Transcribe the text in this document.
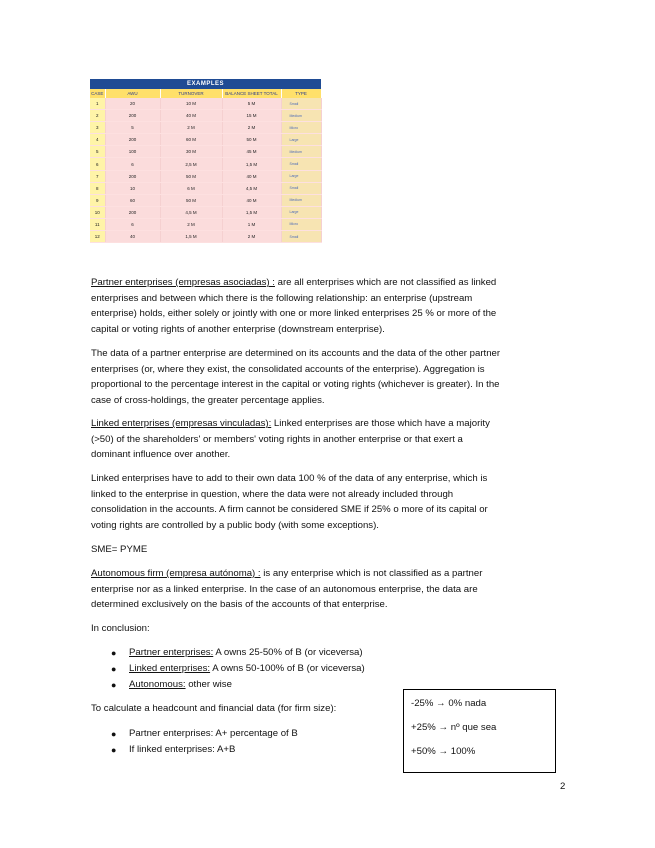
EXAMPLES				
CASE	AWU	TURNOVER	BALANCE SHEET TOTAL	TYPE
1	20	10 M	5 M	Small
2	200	40 M	15 M	Medium
3	5	2 M	2 M	Micro
4	200	60 M	50 M	Large
5	100	30 M	45 M	Medium
6	6	2,5 M	1,5 M	Small
7	200	50 M	40 M	Large
8	10	6 M	4,5 M	Small
9	60	50 M	40 M	Medium
10	200	4,5 M	1,5 M	Large
11	6	2 M	1 M	Micro
12	40	1,5 M	2 M	Small

Partner enterprises (empresas asociadas) : are all enterprises which are not classified as linked
enterprises and between which there is the following relationship: an enterprise (upstream
enterprise) holds, either solely or jointly with one or more linked enterprises 25 % or more of the
capital or voting rights of another enterprise (downstream enterprise).

The data of a partner enterprise are determined on its accounts and the data of the other partner
enterprises (or, where they exist, the consolidated accounts of the enterprise). Aggregation is
proportional to the percentage interest in the capital or voting rights (whichever is greater). In the
case of cross-holdings, the greater percentage applies.

Linked enterprises (empresas vinculadas): Linked enterprises are those which have a majority
(>50) of the shareholders' or members' voting rights in another enterprise or that exert a
dominant influence over another.

Linked enterprises have to add to their own data 100 % of the data of any enterprise, which is
linked to the enterprise in question, where the data were not already included through
consolidation in the accounts. A firm cannot be considered SME if 25% o more of its capital or
voting rights are controlled by a public body (with some exceptions).

SME= PYME

Autonomous firm (empresa autónoma) : is any enterprise which is not classified as a partner
enterprise nor as a linked enterprise. In the case of an autonomous enterprise, the data are
determined exclusively on the basis of the accounts of that enterprise.

In conclusion:

● Partner enterprises: A owns 25-50% of B (or viceversa)
● Linked enterprises: A owns 50-100% of B (or viceversa)
● Autonomous: other wise

To calculate a headcount and financial data (for firm size):

● Partner enterprises: A+ percentage of B
● If linked enterprises: A+B
-25% → 0% nada
+25% → nº que sea
+50% → 100%
2
